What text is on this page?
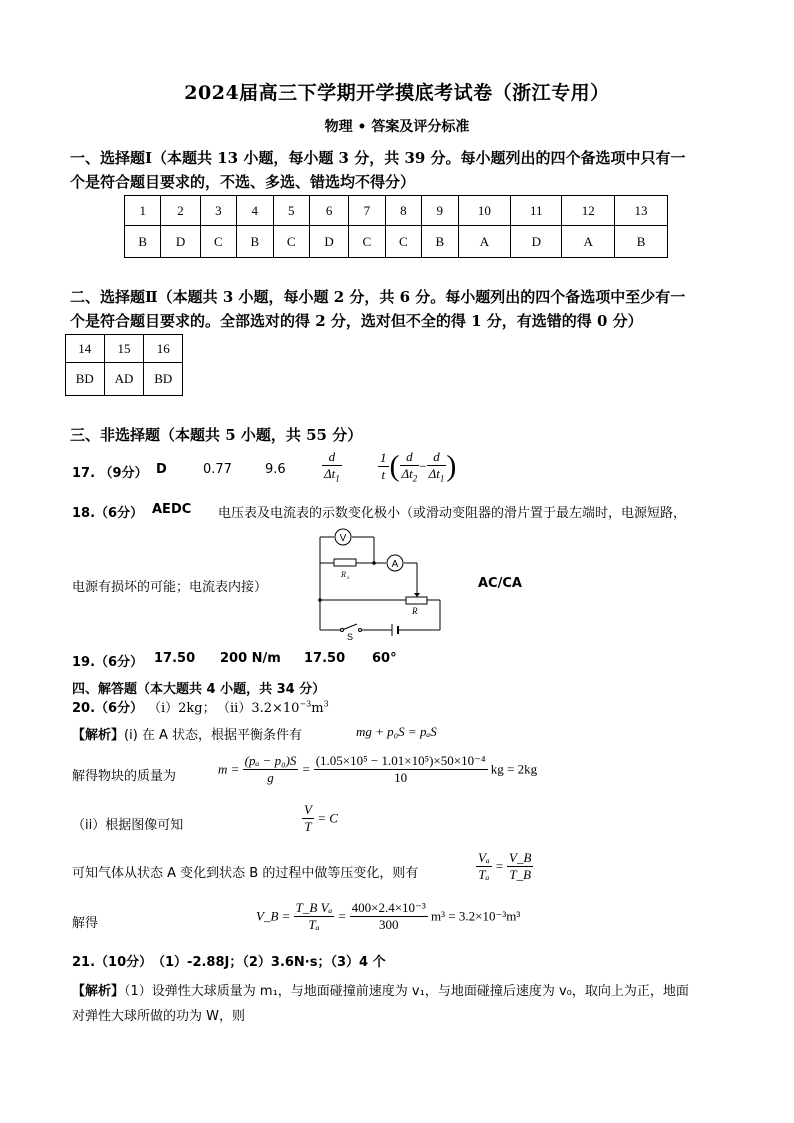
2024届高三下学期开学摸底考试卷（浙江专用）
物理 • 答案及评分标准
一、选择题Ⅰ（本题共 13 小题，每小题 3 分，共 39 分。每小题列出的四个备选项中只有一
个是符合题目要求的，不选、多选、错选均不得分）
1	2	3	4	5	6	7	8	9	10	11	12	13
B	D	C	B	C	D	C	C	B	A	D	A	B
二、选择题Ⅱ（本题共 3 小题，每小题 2 分，共 6 分。每小题列出的四个备选项中至少有一
个是符合题目要求的。全部选对的得 2 分，选对但不全的得 1 分，有选错的得 0 分）
14	15	16
BD	AD	BD
三、非选择题（本题共 5 小题，共 55 分）
17. （9分） D	0.77	9.6	$\frac{d}{\Delta t_1}$	$\frac{1}{t}$ ( $\frac{d}{\Delta t_2} - \frac{d}{\Delta t_1}$ )
18.（6分） AEDC 电压表及电流表的示数变化极小（或滑动变阻器的滑片置于最左端时，电源短路，
电源有损坏的可能；电流表内接）	AC/CA
V
R x
A
R
S
19.（6分） 17.50 200 N/m 17.50 60°
四、解答题（本大题共 4 小题，共 34 分）
20.（6分） （i）2kg； $(ii)3.2\times 10^{-3}m^3$
【解析】(i) 在 A 状态，根据平衡条件有	mg + p₀S = pₐS
解得物块的质量为	$m = \frac{\text{(pₐ − p₀)S}}{g} = \frac{\text{(1.05×10⁵ − 1.01×10⁵)×50×10⁻⁴}}{10}$ kg = 2kg
（ii）根据图像可知	$\frac{V}{T} = C$
可知气体从状态 A 变化到状态 B 的过程中做等压变化，则有	$\frac{\text{Vₐ}}{\text{Tₐ}} = \frac{V\_B}{T\_B}$
解得	V_B = $\frac{\text{T\_B Vₐ}}{\text{Tₐ}} = \frac{\text{400×2.4×10⁻³}}{300} m^3 = 3.2\times 10^{-3}m^3$
21.（10分） （1）-2.88J；（2）3.6N·s；（3）4 个
【解析】（1）设弹性大球质量为 m₁，与地面碰撞前速度为 v₁，与地面碰撞后速度为 v₀，取向上为正，地面
对弹性大球所做的功为 W，则
